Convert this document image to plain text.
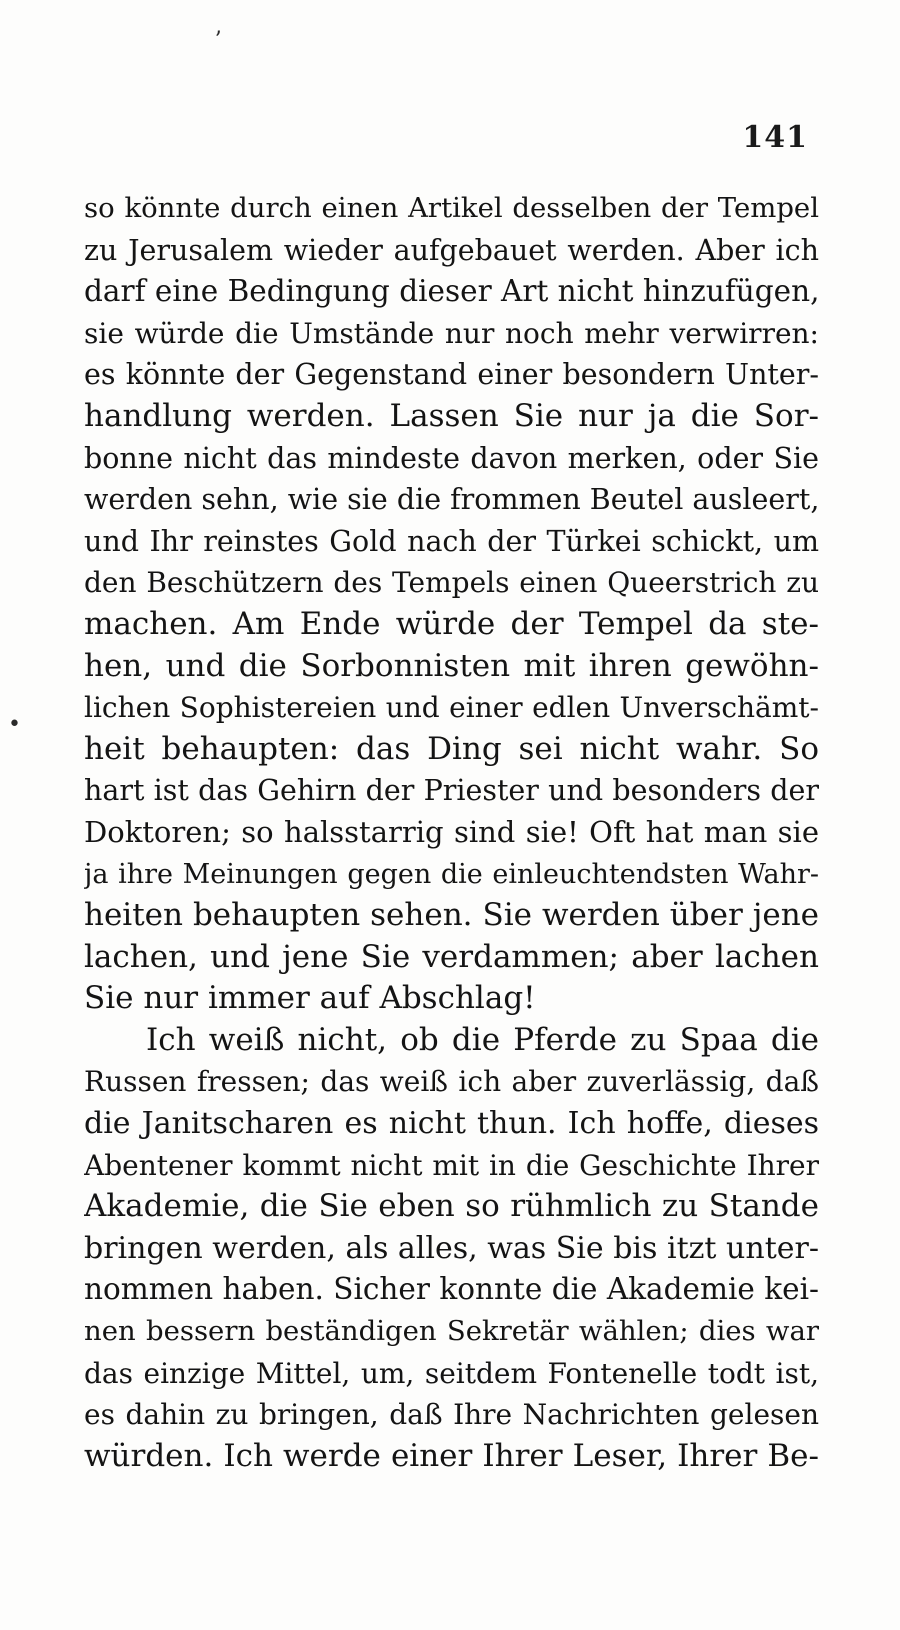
ʼ
•
141
so könnte durch einen Artikel desselben der Tempel
zu Jerusalem wieder aufgebauet werden. Aber ich
darf eine Bedingung dieser Art nicht hinzufügen,
sie würde die Umstände nur noch mehr verwirren:
es könnte der Gegenstand einer besondern Unter-
handlung werden. Lassen Sie nur ja die Sor-
bonne nicht das mindeste davon merken, oder Sie
werden sehn, wie sie die frommen Beutel ausleert,
und Ihr reinstes Gold nach der Türkei schickt, um
den Beschützern des Tempels einen Queerstrich zu
machen. Am Ende würde der Tempel da ste-
hen, und die Sorbonnisten mit ihren gewöhn-
lichen Sophistereien und einer edlen Unverschämt-
heit behaupten: das Ding sei nicht wahr. So
hart ist das Gehirn der Priester und besonders der
Doktoren; so halsstarrig sind sie! Oft hat man sie
ja ihre Meinungen gegen die einleuchtendsten Wahr-
heiten behaupten sehen. Sie werden über jene
lachen, und jene Sie verdammen; aber lachen
Sie nur immer auf Abschlag!
Ich weiß nicht, ob die Pferde zu Spaa die
Russen fressen; das weiß ich aber zuverlässig, daß
die Janitscharen es nicht thun. Ich hoffe, dieses
Abentener kommt nicht mit in die Geschichte Ihrer
Akademie, die Sie eben so rühmlich zu Stande
bringen werden, als alles, was Sie bis itzt unter-
nommen haben. Sicher konnte die Akademie kei-
nen bessern beständigen Sekretär wählen; dies war
das einzige Mittel, um, seitdem Fontenelle todt ist,
es dahin zu bringen, daß Ihre Nachrichten gelesen
würden. Ich werde einer Ihrer Leser, Ihrer Be-
